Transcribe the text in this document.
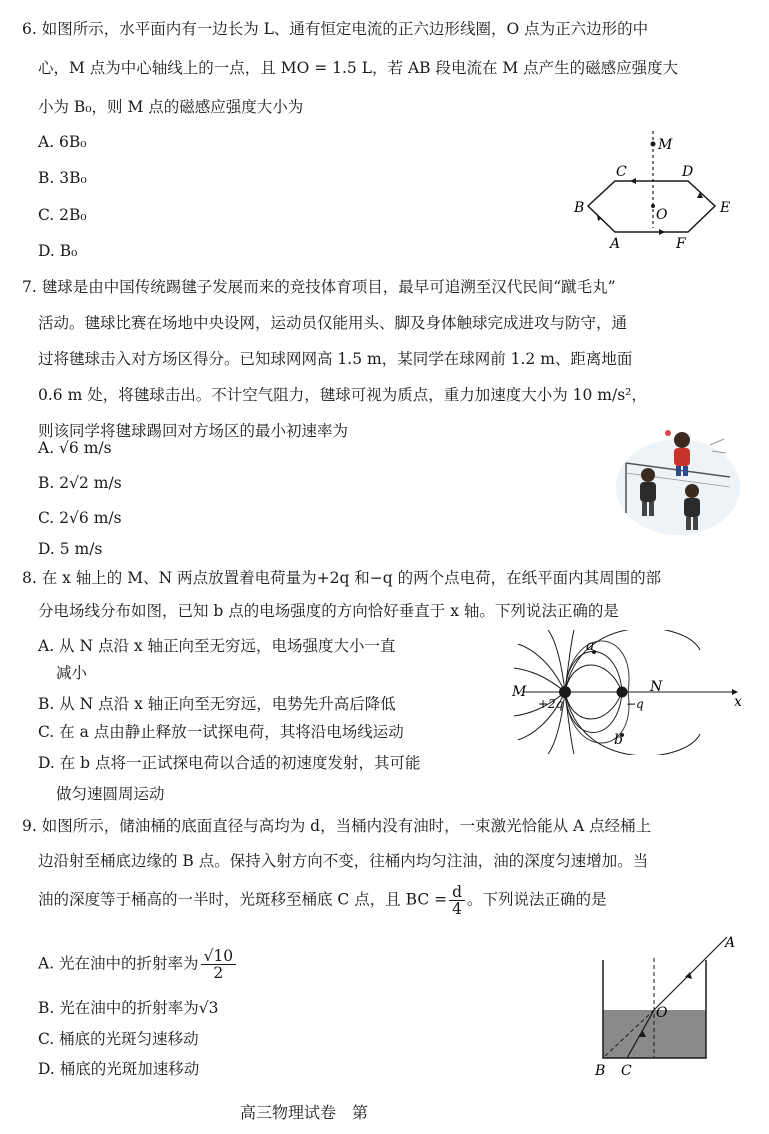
6. 如图所示，水平面内有一边长为 L、通有恒定电流的正六边形线圈，O 点为正六边形的中
心，M 点为中心轴线上的一点，且 MO = 1.5 L，若 AB 段电流在 M 点产生的磁感应强度大
小为 B₀，则 M 点的磁感应强度大小为
A. 6B₀
B. 3B₀
C. 2B₀
D. B₀
M
C	D
B	E
O
A	F
7. 毽球是由中国传统踢毽子发展而来的竞技体育项目，最早可追溯至汉代民间“蹴毛丸”
活动。毽球比赛在场地中央设网，运动员仅能用头、脚及身体触球完成进攻与防守，通
过将毽球击入对方场区得分。已知球网网高 1.5 m，某同学在球网前 1.2 m、距离地面
0.6 m 处，将毽球击出。不计空气阻力，毽球可视为质点，重力加速度大小为 10 m/s²，
则该同学将毽球踢回对方场区的最小初速率为
A. √6 m/s
B. 2√2 m/s
C. 2√6 m/s
D. 5 m/s
8. 在 x 轴上的 M、N 两点放置着电荷量为+2q 和−q 的两个点电荷，在纸平面内其周围的部
分电场线分布如图，已知 b 点的电场强度的方向恰好垂直于 x 轴。下列说法正确的是
A. 从 N 点沿 x 轴正向至无穷远，电场强度大小一直
减小
B. 从 N 点沿 x 轴正向至无穷远，电势先升高后降低
C. 在 a 点由静止释放一试探电荷，其将沿电场线运动
D. 在 b 点将一正试探电荷以合适的初速度发射，其可能
做匀速圆周运动
M	N
x
a
b
+2q	−q
9. 如图所示，储油桶的底面直径与高均为 d，当桶内没有油时，一束激光恰能从 A 点经桶上
边沿射至桶底边缘的 B 点。保持入射方向不变，往桶内均匀注油，油的深度匀速增加。当
油的深度等于桶高的一半时，光斑移至桶底 C 点，且 BC = $\frac{d}{4}$ 。下列说法正确的是
A. 光在油中的折射率为 $\frac{√10}{2}$
B. 光在油中的折射率为√3
C. 桶底的光斑匀速移动
D. 桶底的光斑加速移动
A
O
B C
高三物理试卷　第
